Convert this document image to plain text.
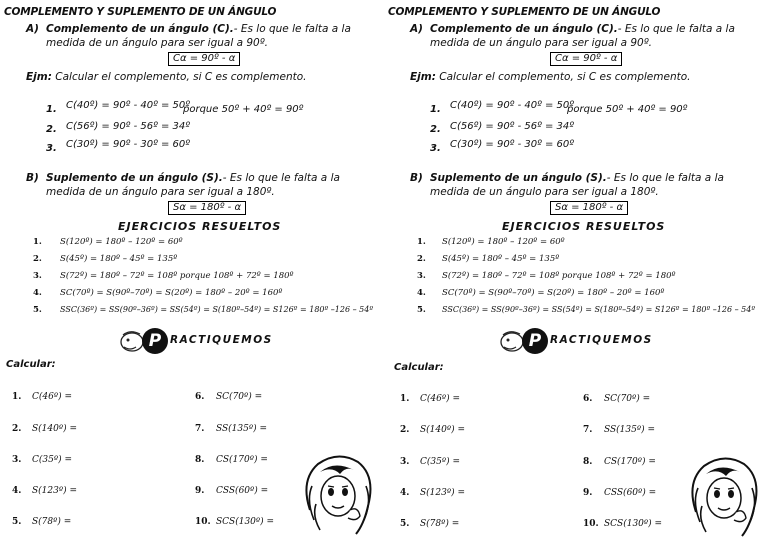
COMPLEMENTO Y SUPLEMENTO DE UN ÁNGULO
A) Complemento de un ángulo (C).- Es lo que le falta a la medida de un ángulo para ser igual a 90º.
Cα = 90º - α
Ejm: Calcular el complemento, si C es complemento.
1. C(40º) = 90º - 40º = 50º
porque 50º + 40º = 90º
2. C(56º) = 90º - 56º = 34º
3. C(30º) = 90º - 30º = 60º
B) Suplemento de un ángulo (S).- Es lo que le falta a la medida de un ángulo para ser igual a 180º.
Sα = 180º - α
EJERCICIOS RESUELTOS
1. S(120º) = 180º – 120º = 60º
2. S(45º) = 180º – 45º = 135º
3. S(72º) = 180º – 72º = 108º porque 108º + 72º = 180º
4. SC(70º) = S(90º–70º) = S(20º) = 180º – 20º = 160º
5. SSC(36º) = SS(90º–36º) = SS(54º) = S(180º–54º) = S126º = 180º –126 – 54º
P RACTIQUEMOS
Calcular:
1. C(46º) =
2. S(140º) =
3. C(35º) =
4. S(123º) =
5. S(78º) =
6. SC(70º) =
7. SS(135º) =
8. CS(170º) =
9. CSS(60º) =
10. SCS(130º) =
COMPLEMENTO Y SUPLEMENTO DE UN ÁNGULO
A) Complemento de un ángulo (C).- Es lo que le falta a la medida de un ángulo para ser igual a 90º.
Cα = 90º - α
Ejm: Calcular el complemento, si C es complemento.
1. C(40º) = 90º - 40º = 50º
porque 50º + 40º = 90º
2. C(56º) = 90º - 56º = 34º
3. C(30º) = 90º - 30º = 60º
B) Suplemento de un ángulo (S).- Es lo que le falta a la medida de un ángulo para ser igual a 180º.
Sα = 180º - α
EJERCICIOS RESUELTOS
1. S(120º) = 180º – 120º = 60º
2. S(45º) = 180º – 45º = 135º
3. S(72º) = 180º – 72º = 108º porque 108º + 72º = 180º
4. SC(70º) = S(90º–70º) = S(20º) = 180º – 20º = 160º
5. SSC(36º) = SS(90º–36º) = SS(54º) = S(180º–54º) = S126º = 180º –126 – 54º
P RACTIQUEMOS
Calcular:
1. C(46º) =
2. S(140º) =
3. C(35º) =
4. S(123º) =
5. S(78º) =
6. SC(70º) =
7. SS(135º) =
8. CS(170º) =
9. CSS(60º) =
10. SCS(130º) =
